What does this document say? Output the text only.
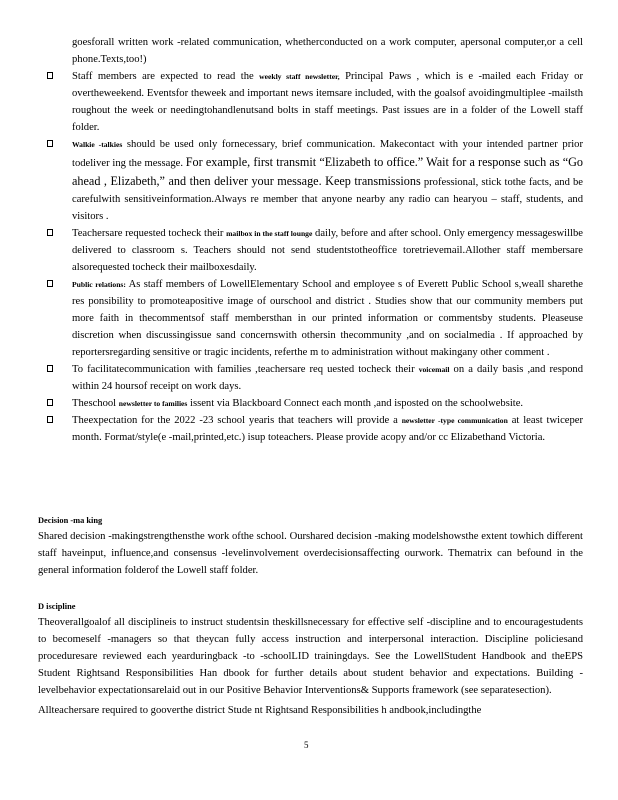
goesforall written work -related communication, whetherconducted on a work computer, apersonal computer,or a cell phone.Texts,too!)
Staff members are expected to read the weekly staff newsletter, Principal Paws , which is e -mailed each Friday or overtheweekend. Eventsfor theweek and important news itemsare included, with the goalsof avoidingmultiplee -mailsth roughout the week or needingtohandlenutsand bolts in staff meetings. Past issues are in a folder of the Lowell staff folder.
Walkie -talkies should be used only fornecessary, brief communication. Makecontact with your intended partner prior todeliver ing the message. For example, first transmit “Elizabeth to office.” Wait for a response such as “Go ahead , Elizabeth,” and then deliver your message. Keep transmissions professional, stick tothe facts, and be carefulwith sensitiveinformation.Always re member that anyone nearby any radio can hearyou – staff, students, and visitors .
Teachersare requested tocheck their mailbox in the staff lounge daily, before and after school. Only emergency messageswillbe delivered to classroom s. Teachers should not send studentstotheoffice toretrievemail.Allother staff membersare alsorequested tocheck their mailboxesdaily.
Public relations: As staff members of LowellElementary School and employee s of Everett Public School s,weall sharethe res ponsibility to promoteapositive image of ourschool and district . Studies show that our community members put more faith in thecommentsof staff membersthan in our printed information or commentsby students. Pleaseuse discretion when discussingissue sand concernswith othersin thecommunity ,and on socialmedia . If approached by reportersregarding sensitive or tragic incidents, referthe m to administration without makingany other comment .
To facilitatecommunication with families ,teachersare req uested tocheck their voicemail on a daily basis ,and respond within 24 hoursof receipt on work days.
Theschool newsletter to families issent via Blackboard Connect each month ,and isposted on the schoolwebsite.
Theexpectation for the 2022 -23 school yearis that teachers will provide a newsletter -type communication at least twiceper month. Format/style(e -mail,printed,etc.) isup toteachers. Please provide acopy and/or cc Elizabethand Victoria.

Decision -ma king

Shared decision -makingstrengthensthe work ofthe school. Ourshared decision -making modelshowsthe extent towhich different staff haveinput, influence,and consensus -levelinvolvement overdecisionsaffecting ourwork. Thematrix can befound in the general information folderof the Lowell staff folder.

D iscipline

Theoverallgoalof all disciplineis to instruct studentsin theskillsnecessary for effective self -discipline and to encouragestudents to becomeself -managers so that theycan fully access instruction and interpersonal interaction. Discipline policiesand proceduresare reviewed each yearduringback -to -schoolLID trainingdays. See the LowellStudent Handbook and theEPS Student Rightsand Responsibilities Han dbook for further details about student behavior and expectations. Building -levelbehavior expectationsarelaid out in our Positive Behavior Interventions& Supports framework (see separatesection).

Allteachersare required to gooverthe district Stude nt Rightsand Responsibilities h andbook,includingthe

5
